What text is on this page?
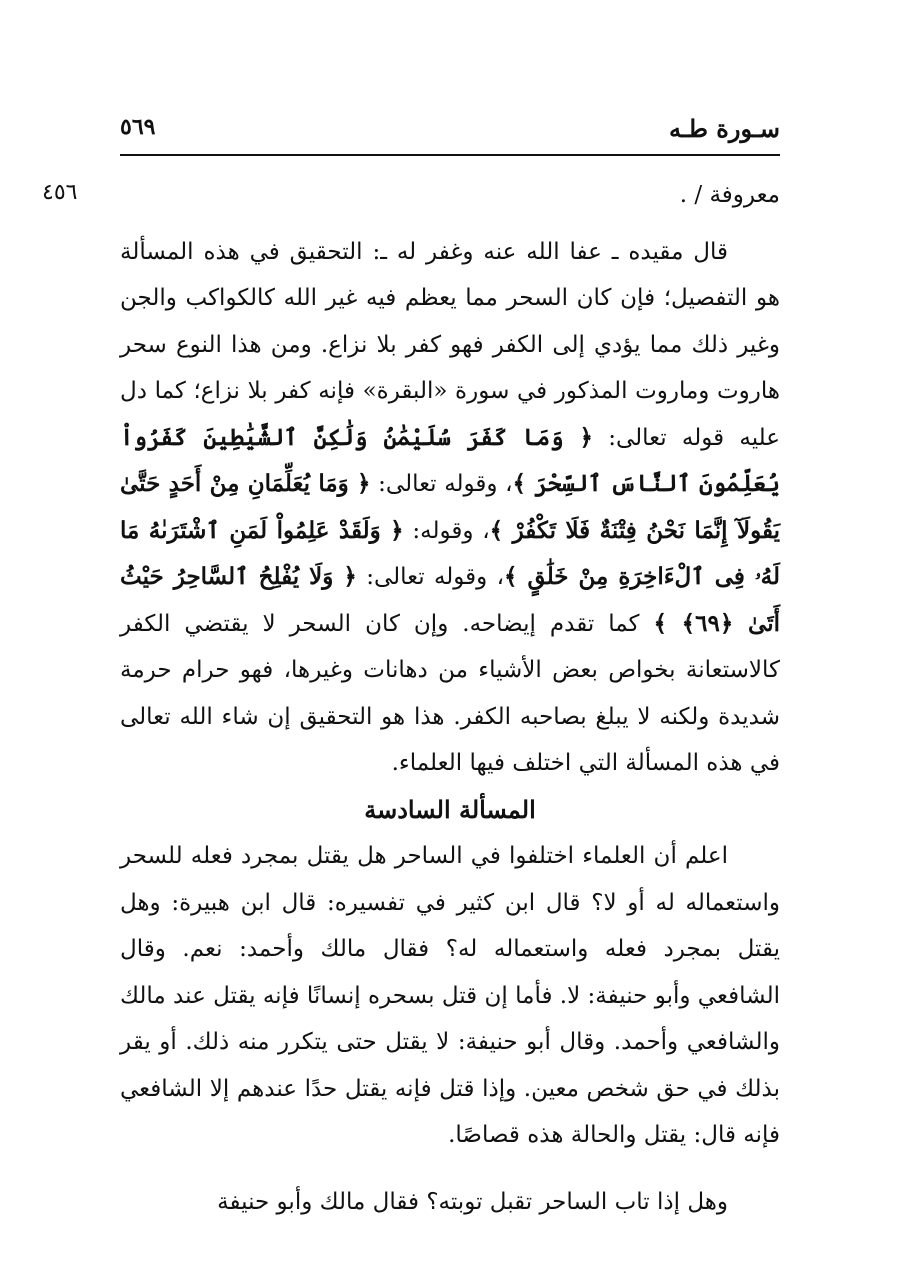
سـورة طـه
٥٦٩
٤٥٦	معروفة / .

قال مقيده ـ عفا الله عنه وغفر له ـ: التحقيق في هذه المسألة هو التفصيل؛ فإن كان السحر مما يعظم فيه غير الله كالكواكب والجن وغير ذلك مما يؤدي إلى الكفر فهو كفر بلا نزاع. ومن هذا النوع سحر هاروت وماروت المذكور في سورة «البقرة» فإنه كفر بلا نزاع؛ كما دل عليه قوله تعالى: ﴿ وَمَا كَفَرَ سُلَيْمَٰنُ وَلَٰكِنَّ ٱلشَّيَٰطِينَ كَفَرُواْ يُعَلِّمُونَ ٱلنَّاسَ ٱلسِّحْرَ ﴾، وقوله تعالى: ﴿ وَمَا يُعَلِّمَانِ مِنْ أَحَدٍ حَتَّىٰ يَقُولَآ إِنَّمَا نَحْنُ فِتْنَةٌ فَلَا تَكْفُرْ ﴾، وقوله: ﴿ وَلَقَدْ عَلِمُواْ لَمَنِ ٱشْتَرَىٰهُ مَا لَهُۥ فِى ٱلْءَاخِرَةِ مِنْ خَلَٰقٍ ﴾، وقوله تعالى: ﴿ وَلَا يُفْلِحُ ٱلسَّاحِرُ حَيْثُ أَتَىٰ ﴿٦٩﴾ ﴾ كما تقدم إيضاحه. وإن كان السحر لا يقتضي الكفر كالاستعانة بخواص بعض الأشياء من دهانات وغيرها، فهو حرام حرمة شديدة ولكنه لا يبلغ بصاحبه الكفر. هذا هو التحقيق إن شاء الله تعالى في هذه المسألة التي اختلف فيها العلماء.

المسألة السادسة

اعلم أن العلماء اختلفوا في الساحر هل يقتل بمجرد فعله للسحر واستعماله له أو لا؟ قال ابن كثير في تفسيره: قال ابن هبيرة: وهل يقتل بمجرد فعله واستعماله له؟ فقال مالك وأحمد: نعم. وقال الشافعي وأبو حنيفة: لا. فأما إن قتل بسحره إنسانًا فإنه يقتل عند مالك والشافعي وأحمد. وقال أبو حنيفة: لا يقتل حتى يتكرر منه ذلك. أو يقر بذلك في حق شخص معين. وإذا قتل فإنه يقتل حدًا عندهم إلا الشافعي فإنه قال: يقتل والحالة هذه قصاصًا.

وهل إذا تاب الساحر تقبل توبته؟ فقال مالك وأبو حنيفة
